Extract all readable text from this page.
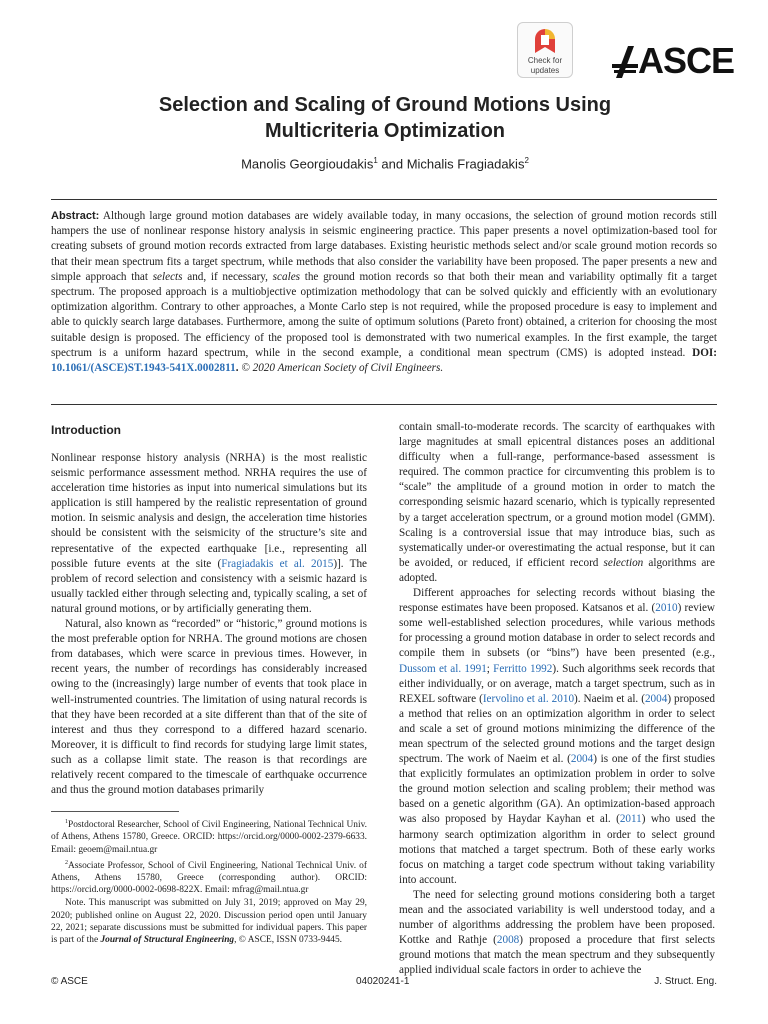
Check for
updates	ASCE
Selection and Scaling of Ground Motions Using
Multicriteria Optimization
Manolis Georgioudakis$^1$ and Michalis Fragiadakis$^2$
Abstract: Although large ground motion databases are widely available today, in many occasions, the selection of ground motion records still hampers the use of nonlinear response history analysis in seismic engineering practice. This paper presents a novel optimization-based tool for creating subsets of ground motion records extracted from large databases. Existing heuristic methods select and/or scale ground motion records so that their mean spectrum fits a target spectrum, while methods that also consider the variability have been proposed. The paper presents a new and simple approach that selects and, if necessary, scales the ground motion records so that both their mean and variability optimally fit a target spectrum. The proposed approach is a multiobjective optimization methodology that can be solved quickly and efficiently with an evolutionary optimization algorithm. Contrary to other approaches, a Monte Carlo step is not required, while the proposed procedure is easy to implement and able to quickly search large databases. Furthermore, among the suite of optimum solutions (Pareto front) obtained, a criterion for choosing the most suitable design is proposed. The efficiency of the proposed tool is demonstrated with two numerical examples. In the first example, the target spectrum is a uniform hazard spectrum, while in the second example, a conditional mean spectrum (CMS) is adopted instead. DOI: 10.1061/(ASCE)ST.1943-541X.0002811. © 2020 American Society of Civil Engineers.
Introduction

Nonlinear response history analysis (NRHA) is the most realistic seismic performance assessment method. NRHA requires the use of acceleration time histories as input into numerical simulations but its application is still hampered by the realistic representation of ground motion. In seismic analysis and design, the acceleration time histories should be consistent with the seismicity of the structure’s site and representative of the expected earthquake [i.e., representing all possible future events at the site (Fragiadakis et al. 2015)]. The problem of record selection and consistency with a seismic hazard is usually tackled either through selecting and, typically scaling, a set of natural ground motions, or by artificially generating them.

Natural, also known as “recorded” or “historic,” ground motions is the most preferable option for NRHA. The ground motions are chosen from databases, which were scarce in previous times. However, in recent years, the number of recordings has considerably increased owing to the (increasingly) large number of events that took place in well-instrumented countries. The limitation of using natural records is that they have been recorded at a site different than that of the site of interest and thus they correspond to a differed hazard scenario. Moreover, it is difficult to find records for studying large limit states, such as a collapse limit state. The reason is that recordings are relatively recent compared to the timescale of earthquake occurrence and thus the ground motion databases primarily

$^1$Postdoctoral Researcher, School of Civil Engineering, National Technical Univ. of Athens, Athens 15780, Greece. ORCID: https://orcid.org/0000-0002-2379-6633. Email: geoem@mail.ntua.gr

$^2$Associate Professor, School of Civil Engineering, National Technical Univ. of Athens, Athens 15780, Greece (corresponding author). ORCID: https://orcid.org/0000-0002-0698-822X. Email: mfrag@mail.ntua.gr

Note. This manuscript was submitted on July 31, 2019; approved on May 29, 2020; published online on August 22, 2020. Discussion period open until January 22, 2021; separate discussions must be submitted for individual papers. This paper is part of the Journal of Structural Engineering, © ASCE, ISSN 0733-9445.

contain small-to-moderate records. The scarcity of earthquakes with large magnitudes at small epicentral distances poses an additional difficulty when a full-range, performance-based assessment is required. The common practice for circumventing this problem is to “scale” the amplitude of a ground motion in order to match the corresponding seismic hazard scenario, which is typically represented by a target acceleration spectrum, or a ground motion model (GMM). Scaling is a controversial issue that may introduce bias, such as systematically under-or overestimating the actual response, but it can be avoided, or reduced, if efficient record selection algorithms are adopted.

Different approaches for selecting records without biasing the response estimates have been proposed. Katsanos et al. (2010) review some well-established selection procedures, while various methods for processing a ground motion database in order to select records and compile them in subsets (or “bins”) have been presented (e.g., Dussom et al. 1991; Ferritto 1992). Such algorithms seek records that either individually, or on average, match a target spectrum, such as in REXEL software (Iervolino et al. 2010). Naeim et al. (2004) proposed a method that relies on an optimization algorithm in order to select and scale a set of ground motions minimizing the difference of the mean spectrum of the selected ground motions and the target design spectrum. The work of Naeim et al. (2004) is one of the first studies that explicitly formulates an optimization problem in order to solve the ground motion selection and scaling problem; their method was based on a genetic algorithm (GA). An optimization-based approach was also proposed by Haydar Kayhan et al. (2011) who used the harmony search optimization algorithm in order to select ground motions that matched a target spectrum. Both of these early works focus on matching a target code spectrum without taking variability into account.

The need for selecting ground motions considering both a target mean and the associated variability is well understood today, and a number of algorithms addressing the problem have been proposed. Kottke and Rathje (2008) proposed a procedure that first selects ground motions that match the mean spectrum and they subsequently applied individual scale factors in order to achieve the

© ASCE	04020241-1	J. Struct. Eng.
